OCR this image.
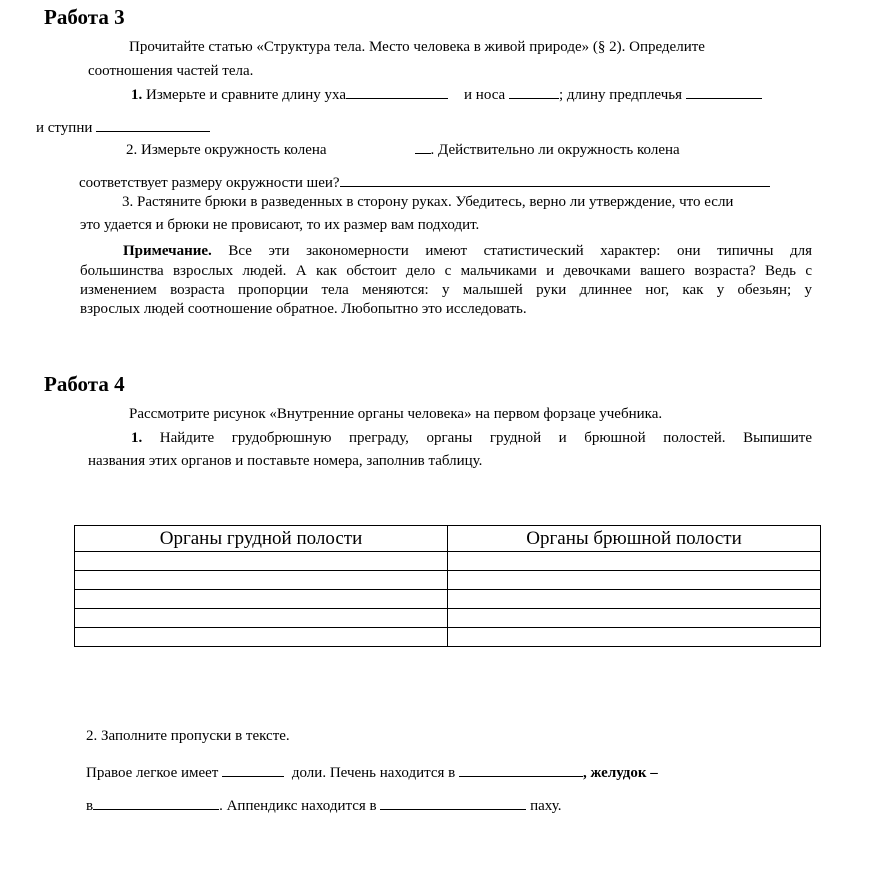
Работа 3
Прочитайте статью «Структура тела. Место человека в живой природе» (§ 2). Определите
соотношения частей тела.
1. Измерьте и сравните длину уха	и носа	; длину предплечья
и ступни
2. Измерьте окружность колена	. Действительно ли окружность колена
соответствует размеру окружности шеи?
3. Растяните брюки в разведенных в сторону руках. Убедитесь, верно ли утверждение, что если
это удается и брюки не провисают, то их размер вам подходит.
Примечание. Все эти закономерности имеют статистический характер: они типичны для
большинства взрослых людей. А как обстоит дело с мальчиками и девочками вашего возраста? Ведь с
изменением возраста пропорции тела меняются: у малышей руки длиннее ног, как у обезьян; у
взрослых людей соотношение обратное. Любопытно это исследовать.
Работа 4
Рассмотрите рисунок «Внутренние органы человека» на первом форзаце учебника.
1. Найдите грудобрюшную преграду, органы грудной и брюшной полостей. Выпишите
названия этих органов и поставьте номера, заполнив таблицу.
Органы грудной полости	Органы брюшной полости

2. Заполните пропуски в тексте.
Правое легкое имеет	доли. Печень находится в	, желудок –
в	. Аппендикс находится в	паху.
